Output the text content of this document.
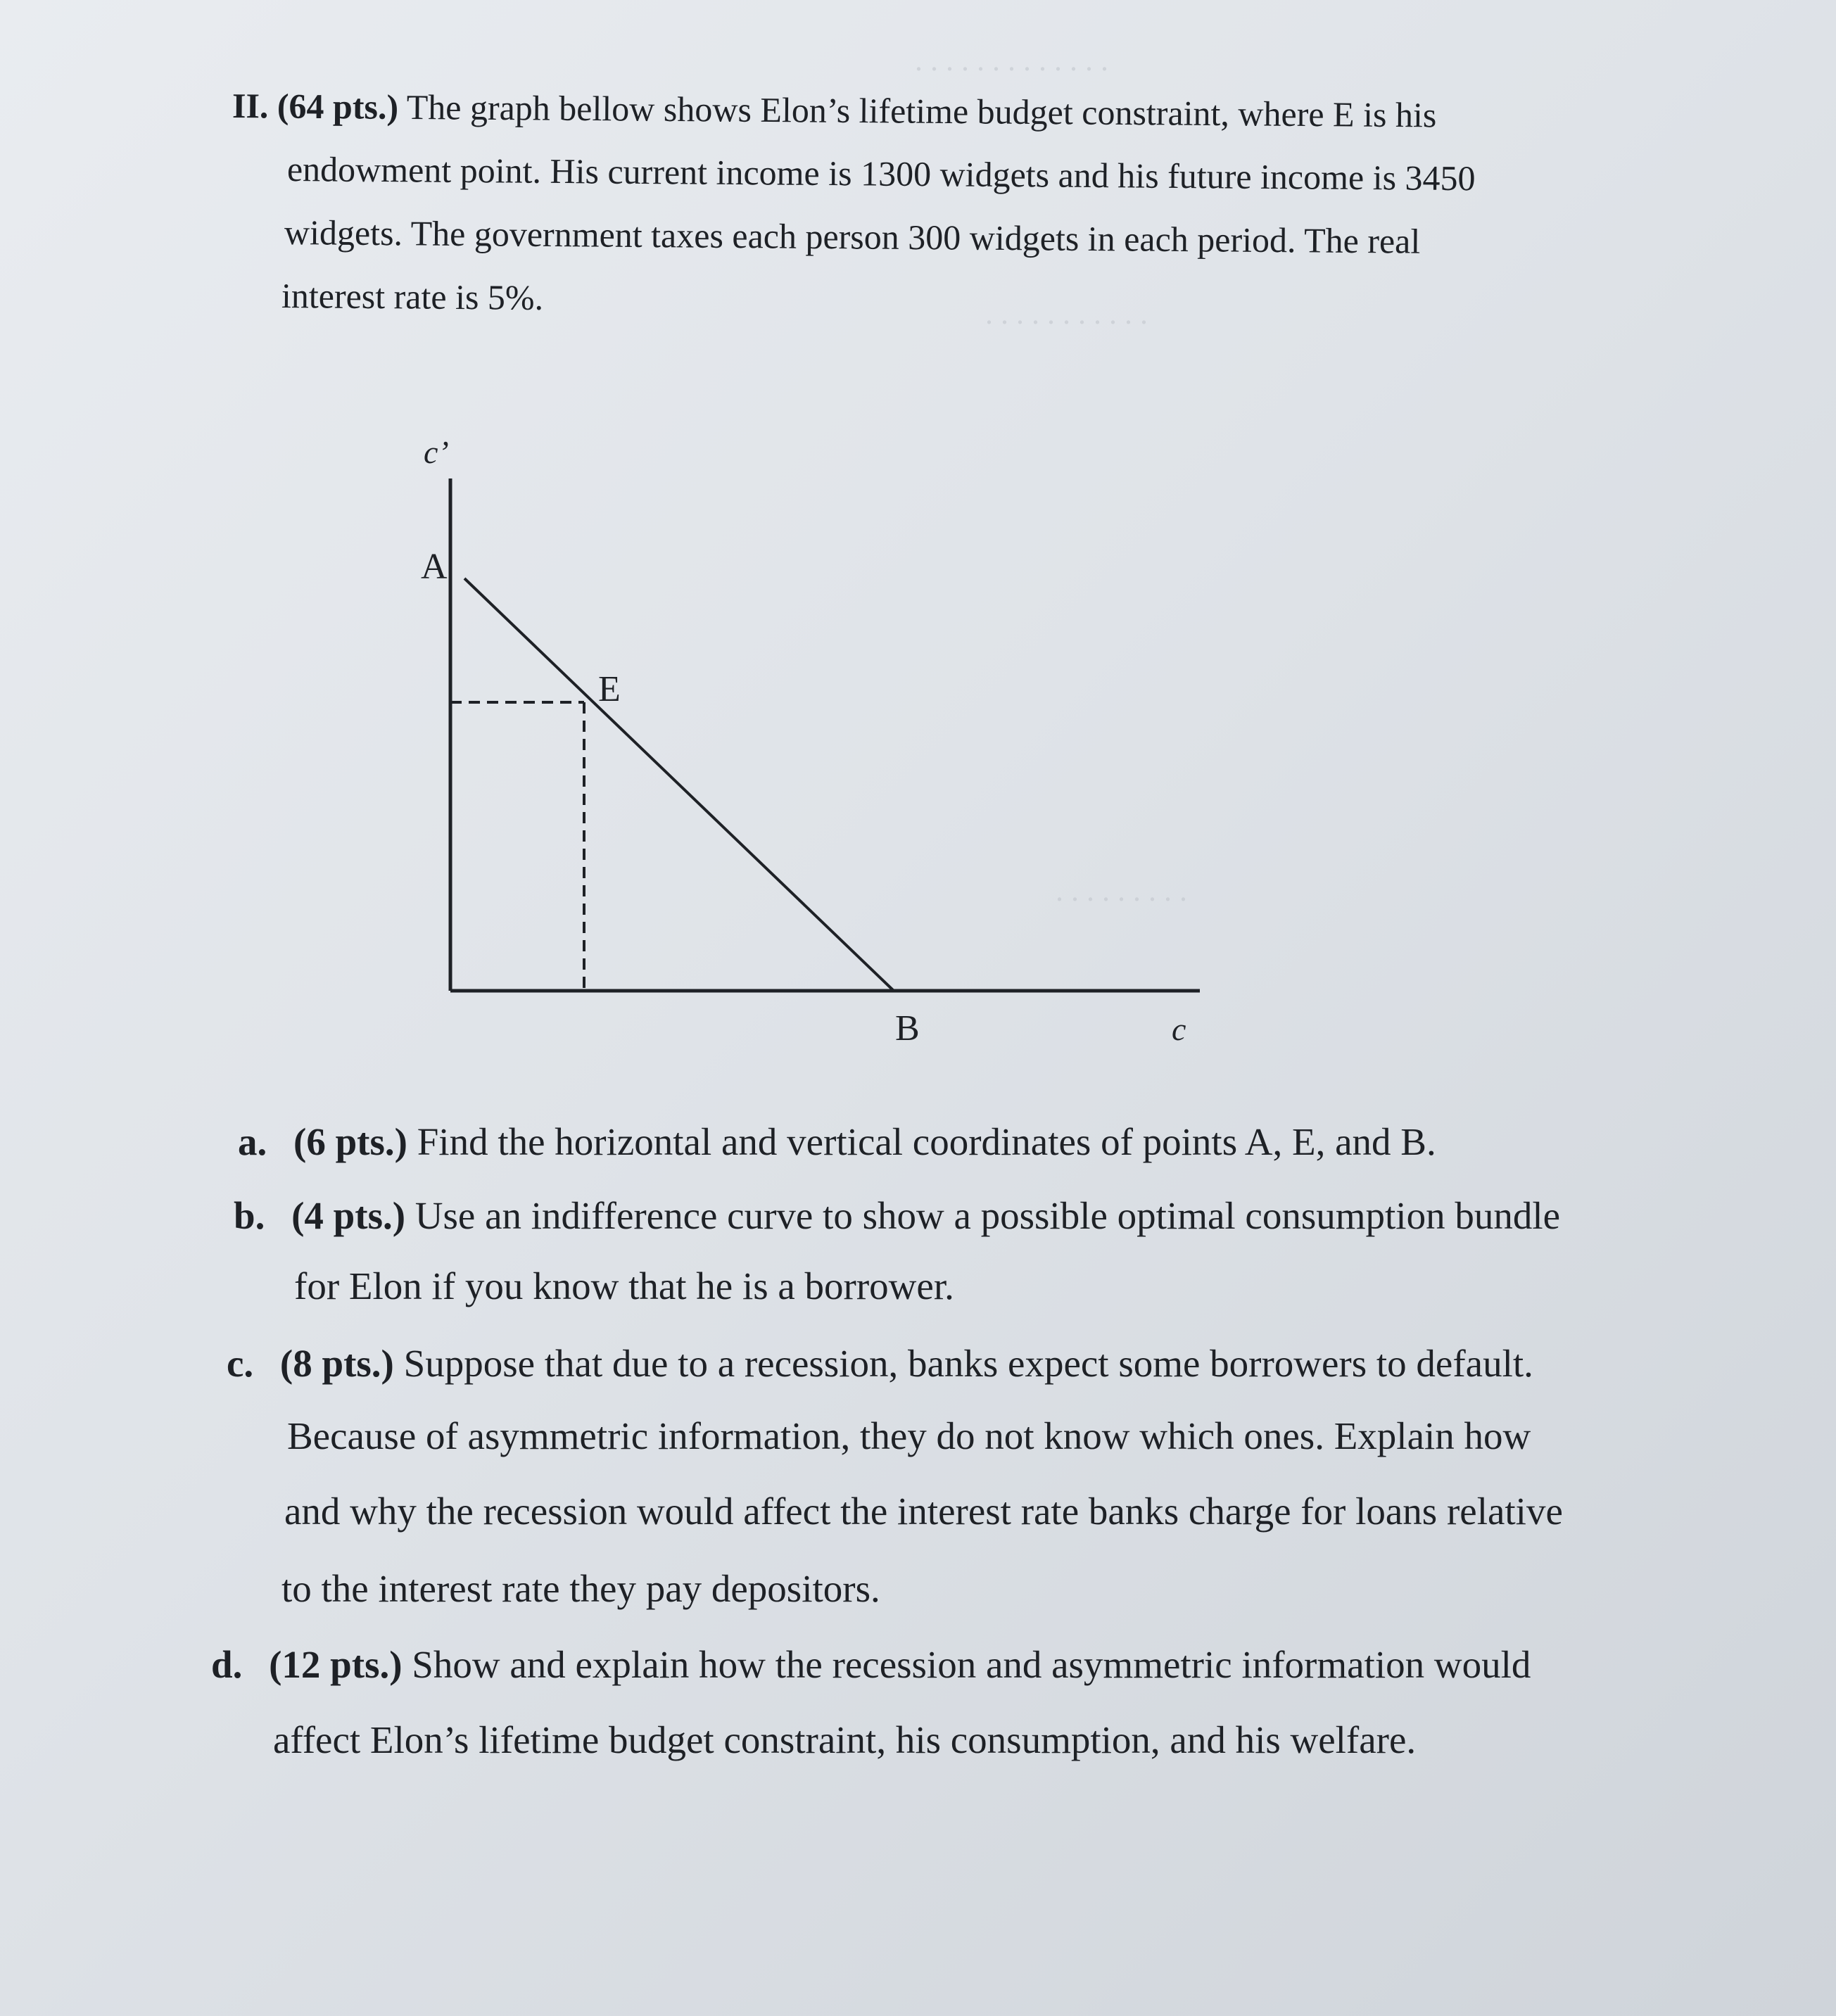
. . . . . . . . . . . . .
. . . . . . . . . . .
. . . . . . . . .
II. (64 pts.) The graph bellow shows Elon’s lifetime budget constraint, where E is his
endowment point. His current income is 1300 widgets and his future income is 3450
widgets. The government taxes each person 300 widgets in each period. The real
interest rate is 5%.
c’
A
E
B	c
a. (6 pts.) Find the horizontal and vertical coordinates of points A, E, and B.
b. (4 pts.) Use an indifference curve to show a possible optimal consumption bundle
for Elon if you know that he is a borrower.
c. (8 pts.) Suppose that due to a recession, banks expect some borrowers to default.
Because of asymmetric information, they do not know which ones. Explain how
and why the recession would affect the interest rate banks charge for loans relative
to the interest rate they pay depositors.
d. (12 pts.) Show and explain how the recession and asymmetric information would
affect Elon’s lifetime budget constraint, his consumption, and his welfare.
